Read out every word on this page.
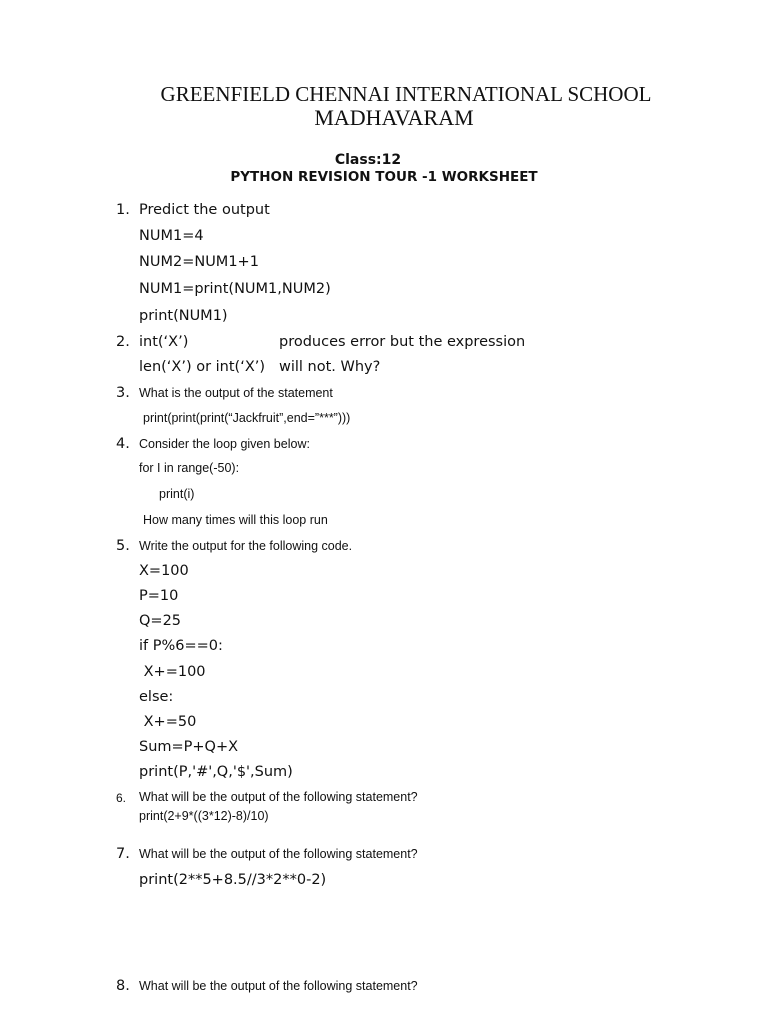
GREENFIELD CHENNAI INTERNATIONAL SCHOOL
MADHAVARAM
Class:12
PYTHON REVISION TOUR -1 WORKSHEET
1. Predict the output
NUM1=4
NUM2=NUM1+1
NUM1=print(NUM1,NUM2)
print(NUM1)
2. int(‘X’)	produces error but the expression
len(‘X’) or int(‘X’) will not. Why?
3. What is the output of the statement
print(print(print(“Jackfruit”,end=”***”)))
4. Consider the loop given below:
for I in range(-50):
print(i)
How many times will this loop run
5. Write the output for the following code.
X=100
P=10
Q=25
if P%6==0:
X+=100
else:
X+=50
Sum=P+Q+X
print(P,'#',Q,'$',Sum)
6. What will be the output of the following statement?
print(2+9*((3*12)-8)/10)
7. What will be the output of the following statement?
print(2**5+8.5//3*2**0-2)
8. What will be the output of the following statement?
